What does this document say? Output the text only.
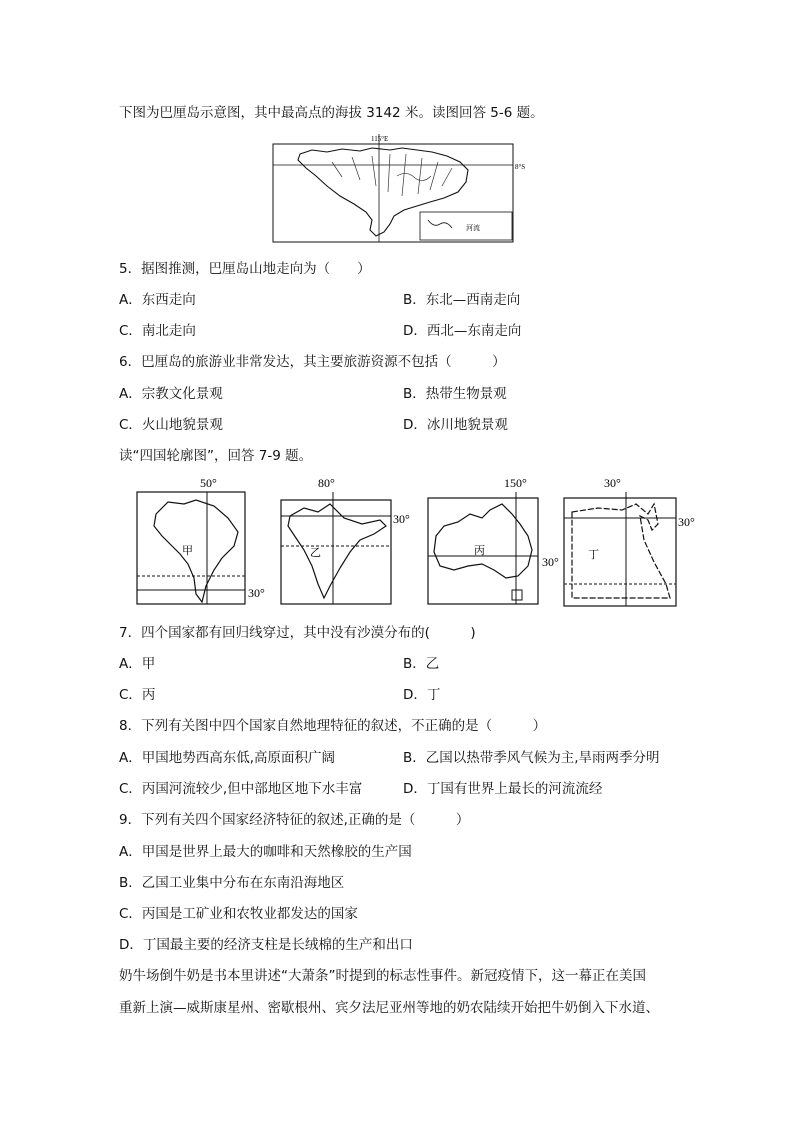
下图为巴厘岛示意图，其中最高点的海拔 3142 米。读图回答 5-6 题。
115°E
8°S
河流
5．据图推测，巴厘岛山地走向为（　　）
A．东西走向	B．东北—西南走向
C．南北走向	D．西北—东南走向
6．巴厘岛的旅游业非常发达，其主要旅游资源不包括（　　　）
A．宗教文化景观	B．热带生物景观
C．火山地貌景观	D．冰川地貌景观
读“四国轮廓图”，回答 7-9 题。
50°
30°
甲
80°
30°
乙
150°
30°
丙
30°
30°
丁
7．四个国家都有回归线穿过，其中没有沙漠分布的(　　　)
A．甲	B．乙
C．丙	D．丁
8．下列有关图中四个国家自然地理特征的叙述，不正确的是（　　　）
A．甲国地势西高东低,高原面积广阔	B．乙国以热带季风气候为主,旱雨两季分明
C．丙国河流较少,但中部地区地下水丰富	D．丁国有世界上最长的河流流经
9．下列有关四个国家经济特征的叙述,正确的是（　　　）
A．甲国是世界上最大的咖啡和天然橡胶的生产国
B．乙国工业集中分布在东南沿海地区
C．丙国是工矿业和农牧业都发达的国家
D．丁国最主要的经济支柱是长绒棉的生产和出口
奶牛场倒牛奶是书本里讲述“大萧条”时提到的标志性事件。新冠疫情下，这一幕正在美国
重新上演—威斯康星州、密歇根州、宾夕法尼亚州等地的奶农陆续开始把牛奶倒入下水道、
